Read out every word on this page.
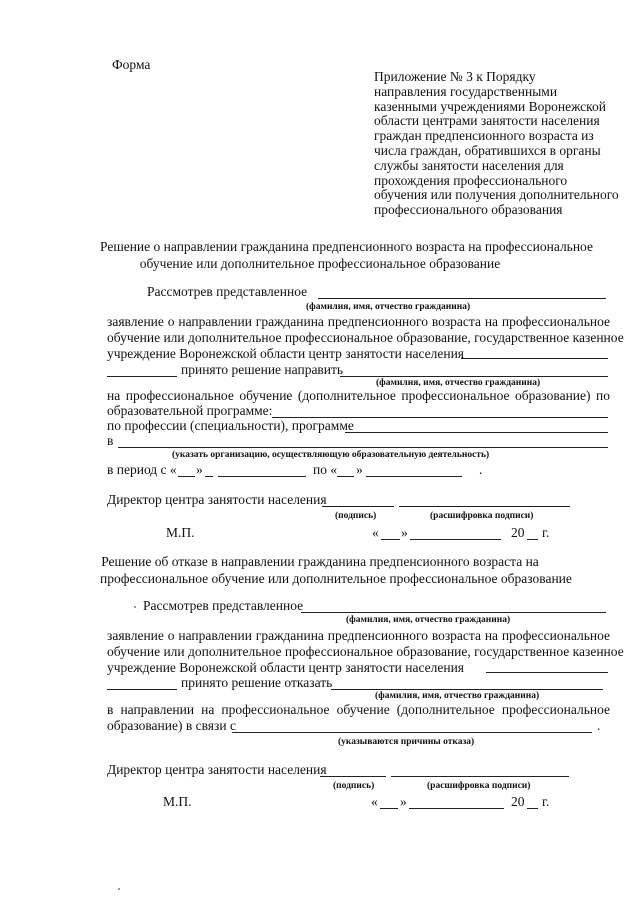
Форма
Приложение № 3 к Порядку
направления государственными
казенными учреждениями Воронежской
области центрами занятости населения
граждан предпенсионного возраста из
числа граждан, обратившихся в органы
службы занятости населения для
прохождения профессионального
обучения или получения дополнительного
профессионального образования
Решение о направлении гражданина предпенсионного возраста на профессиональное
обучение или дополнительное профессиональное образование
Рассмотрев представленное
(фамилия, имя, отчество гражданина)
заявление о направлении гражданина предпенсионного возраста на профессиональное
обучение или дополнительное профессиональное образование, государственное казенное
учреждение Воронежской области центр занятости населения
принято решение направить
(фамилия, имя, отчество гражданина)
на профессиональное обучение (дополнительное профессиональное образование) по
образовательной программе:
по профессии (специальности), программе
в
(указать организацию, осуществляющую образовательную деятельность)
в период с « »	по « »	.
Директор центра занятости населения
(подпись)	(расшифровка подписи)
М.П.	« »	20 г.
Решение об отказе в направлении гражданина предпенсионного возраста на
профессиональное обучение или дополнительное профессиональное образование
Рассмотрев представленное
(фамилия, имя, отчество гражданина)
заявление о направлении гражданина предпенсионного возраста на профессиональное
обучение или дополнительное профессиональное образование, государственное казенное
учреждение Воронежской области центр занятости населения
принято решение отказать
(фамилия, имя, отчество гражданина)
в направлении на профессиональное обучение (дополнительное профессиональное
образование) в связи с	.
(указываются причины отказа)
Директор центра занятости населения
(подпись)	(расшифровка подписи)
М.П.	« »	20 г.
